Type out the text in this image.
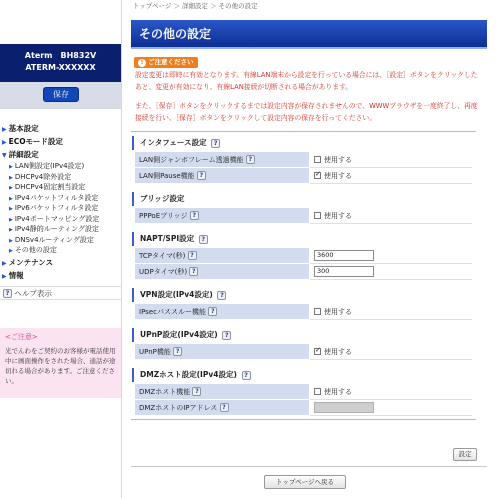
Aterm　BH832V
ATERM-XXXXXX
保存
▶ 基本設定
▶ ECOモード設定
▼ 詳細設定
▶ LAN側設定(IPv4設定)
▶ DHCPv4除外設定
▶ DHCPv4固定割当設定
▶ IPv4パケットフィルタ設定
▶ IPv6パケットフィルタ設定
▶ IPv4ポートマッピング設定
▶ IPv4静的ルーティング設定
▶ DNSv4ルーティング設定
▶ その他の設定
▶ メンテナンス
▶ 情報
? ヘルプ表示
<ご注意>
光でんわをご契約のお客様が電話使用中に画面操作をされた場合、通話が途切れる場合があります。ご注意ください。
トップページ ＞ 詳細設定 ＞ その他の設定
その他の設定
! ご注意ください
設定変更は即時に有効となります。有線LAN端末から設定を行っている場合には、［設定］ボタンをクリックしたあと、変更が有効になり、有線LAN接続が切断される場合があります。
また、［保存］ボタンをクリックするまでは設定内容が保存されませんので、WWWブラウザを一度終了し、再度接続を行い、［保存］ボタンをクリックして設定内容の保存を行ってください。
インタフェース設定 ?
LAN側ジャンボフレーム透過機能 ?	使用する
LAN側Pause機能 ?	✓使用する
ブリッジ設定
PPPoEブリッジ ?	使用する
NAPT/SPI設定 ?
TCPタイマ(秒) ?	3600
UDPタイマ(秒) ?	300
VPN設定(IPv4設定) ?
IPsecパススルー機能 ?	使用する
UPnP設定(IPv4設定) ?
UPnP機能 ?	✓使用する
DMZホスト設定(IPv4設定) ?
DMZホスト機能 ?	使用する
DMZホストのIPアドレス ?	
設定
トップページへ戻る
